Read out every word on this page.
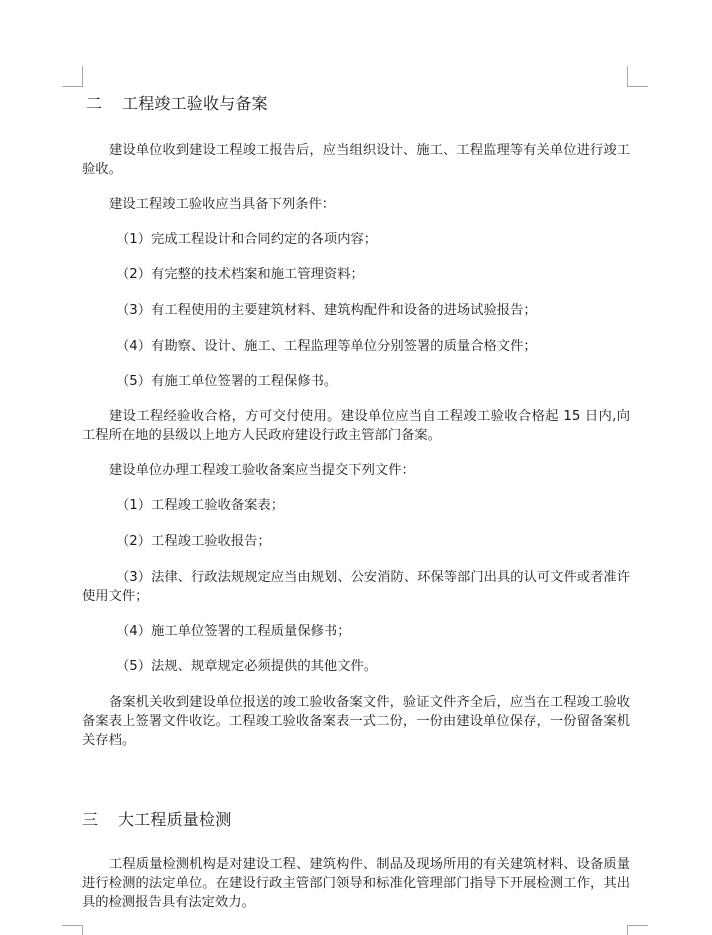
二 工程竣工验收与备案
建设单位收到建设工程竣工报告后，应当组织设计、施工、工程监理等有关单位进行竣工验收。
建设工程竣工验收应当具备下列条件：
（1）完成工程设计和合同约定的各项内容；
（2）有完整的技术档案和施工管理资料；
（3）有工程使用的主要建筑材料、建筑构配件和设备的进场试验报告；
（4）有勘察、设计、施工、工程监理等单位分别签署的质量合格文件；
（5）有施工单位签署的工程保修书。
建设工程经验收合格，方可交付使用。建设单位应当自工程竣工验收合格起 15 日内,向工程所在地的县级以上地方人民政府建设行政主管部门备案。
建设单位办理工程竣工验收备案应当提交下列文件：
（1）工程竣工验收备案表；
（2）工程竣工验收报告；
（3）法律、行政法规规定应当由规划、公安消防、环保等部门出具的认可文件或者准许使用文件；
（4）施工单位签署的工程质量保修书；
（5）法规、规章规定必须提供的其他文件。
备案机关收到建设单位报送的竣工验收备案文件，验证文件齐全后，应当在工程竣工验收备案表上签署文件收讫。工程竣工验收备案表一式二份，一份由建设单位保存，一份留备案机关存档。
三 大工程质量检测
工程质量检测机构是对建设工程、建筑构件、制品及现场所用的有关建筑材料、设备质量进行检测的法定单位。在建设行政主管部门领导和标准化管理部门指导下开展检测工作，其出具的检测报告具有法定效力。
